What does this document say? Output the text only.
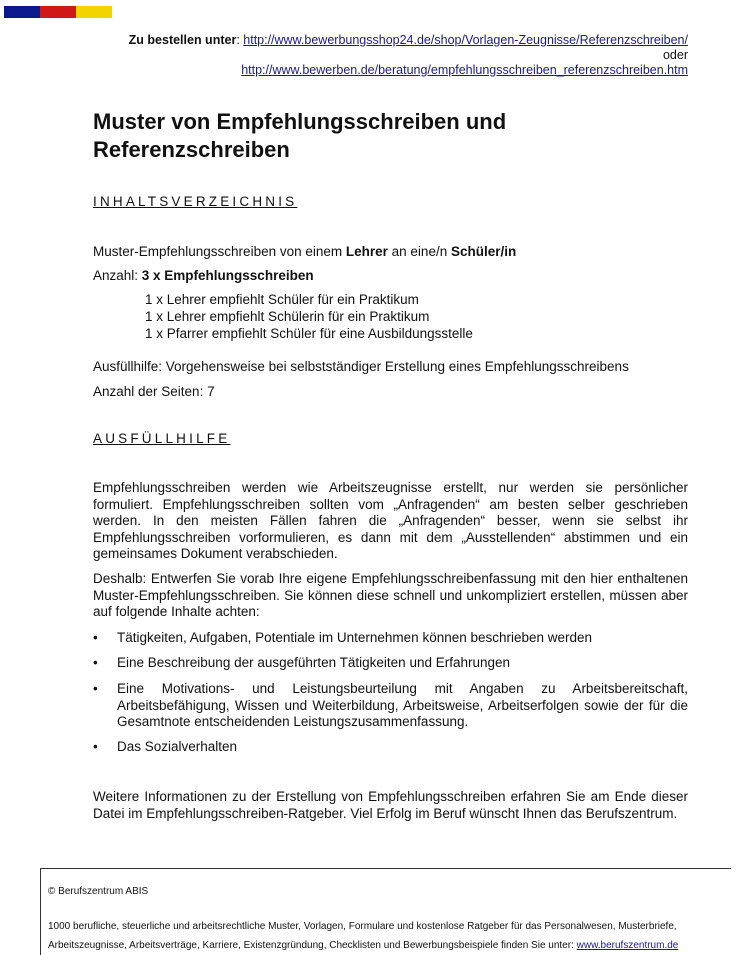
Zu bestellen unter: http://www.bewerbungsshop24.de/shop/Vorlagen-Zeugnisse/Referenzschreiben/
oder
http://www.bewerben.de/beratung/empfehlungsschreiben_referenzschreiben.htm
Muster von Empfehlungsschreiben und Referenzschreiben
INHALTSVERZEICHNIS
Muster-Empfehlungsschreiben von einem Lehrer an eine/n Schüler/in
Anzahl: 3 x Empfehlungsschreiben
1 x Lehrer empfiehlt Schüler für ein Praktikum
1 x Lehrer empfiehlt Schülerin für ein Praktikum
1 x Pfarrer empfiehlt Schüler für eine Ausbildungsstelle
Ausfüllhilfe: Vorgehensweise bei selbstständiger Erstellung eines Empfehlungsschreibens
Anzahl der Seiten: 7
AUSFÜLLHILFE
Empfehlungsschreiben werden wie Arbeitszeugnisse erstellt, nur werden sie persönlicher formuliert. Empfehlungsschreiben sollten vom „Anfragenden“ am besten selber geschrieben werden. In den meisten Fällen fahren die „Anfragenden“ besser, wenn sie selbst ihr Empfehlungsschreiben vorformulieren, es dann mit dem „Ausstellenden“ abstimmen und ein gemeinsames Dokument verabschieden.
Deshalb: Entwerfen Sie vorab Ihre eigene Empfehlungsschreibenfassung mit den hier enthaltenen Muster-Empfehlungsschreiben. Sie können diese schnell und unkompliziert erstellen, müssen aber auf folgende Inhalte achten:
•	Tätigkeiten, Aufgaben, Potentiale im Unternehmen können beschrieben werden
•	Eine Beschreibung der ausgeführten Tätigkeiten und Erfahrungen
•	Eine Motivations- und Leistungsbeurteilung mit Angaben zu Arbeitsbereitschaft, Arbeitsbefähigung, Wissen und Weiterbildung, Arbeitsweise, Arbeitserfolgen sowie der für die Gesamtnote entscheidenden Leistungszusammenfassung.
•	Das Sozialverhalten
Weitere Informationen zu der Erstellung von Empfehlungsschreiben erfahren Sie am Ende dieser Datei im Empfehlungsschreiben-Ratgeber. Viel Erfolg im Beruf wünscht Ihnen das Berufszentrum.
© Berufszentrum ABIS
1000 berufliche, steuerliche und arbeitsrechtliche Muster, Vorlagen, Formulare und kostenlose Ratgeber für das Personalwesen, Musterbriefe, Arbeitszeugnisse, Arbeitsverträge, Karriere, Existenzgründung, Checklisten und Bewerbungsbeispiele finden Sie unter: www.berufszentrum.de
